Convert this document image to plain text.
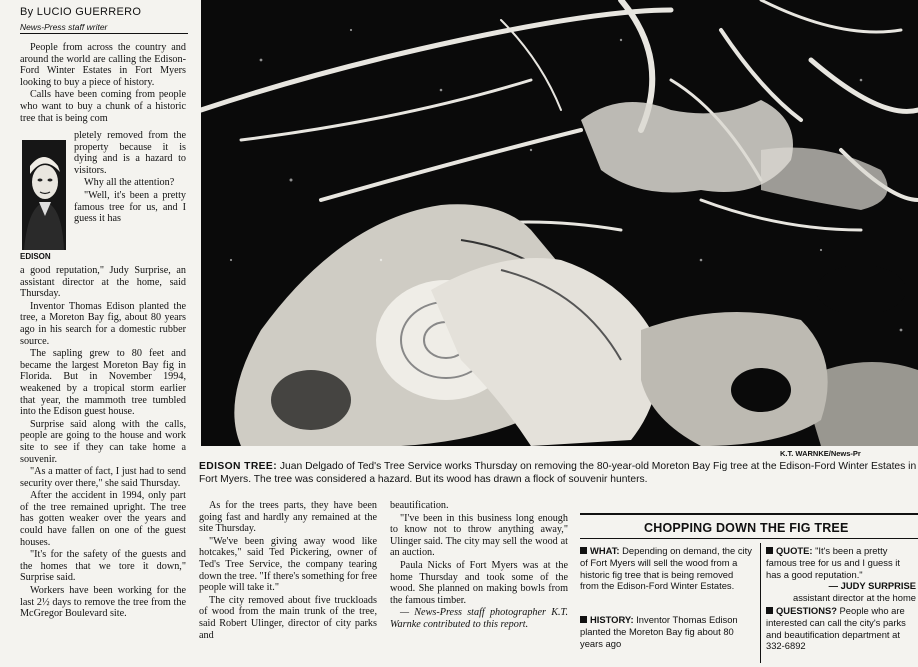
By LUCIO GUERRERO
News-Press staff writer

People from across the country and around the world are calling the Edison-Ford Winter Estates in Fort Myers looking to buy a piece of history.

Calls have been coming from people who want to buy a chunk of a historic tree that is being com

EDISON

pletely removed from the property because it is dying and is a hazard to visitors.

Why all the attention?

"Well, it's been a pretty famous tree for us, and I guess it has

a good reputation," Judy Surprise, an assistant director at the home, said Thursday.

Inventor Thomas Edison planted the tree, a Moreton Bay fig, about 80 years ago in his search for a domestic rubber source.

The sapling grew to 80 feet and became the largest Moreton Bay fig in Florida. But in November 1994, weakened by a tropical storm earlier that year, the mammoth tree tumbled into the Edison guest house.

Surprise said along with the calls, people are going to the house and work site to see if they can take home a souvenir.

"As a matter of fact, I just had to send security over there," she said Thursday.

After the accident in 1994, only part of the tree remained upright. The tree has gotten weaker over the years and could have fallen on one of the guest houses.

"It's for the safety of the guests and the homes that we tore it down," Surprise said.

Workers have been working for the last 2½ days to remove the tree from the McGregor Boulevard site.

K.T. WARNKE/News-Pr
EDISON TREE: Juan Delgado of Ted's Tree Service works Thursday on removing the 80-year-old Moreton Bay Fig tree at the Edison-Ford Winter Estates in Fort Myers. The tree was considered a hazard. But its wood has drawn a flock of souvenir hunters.

As for the trees parts, they have been going fast and hardly any remained at the site Thursday.

"We've been giving away wood like hotcakes," said Ted Pickering, owner of Ted's Tree Service, the company tearing down the tree. "If there's something for free people will take it."

The city removed about five truckloads of wood from the main trunk of the tree, said Robert Ulinger, director of city parks and

beautification.

"I've been in this business long enough to know not to throw anything away," Ulinger said. The city may sell the wood at an auction.

Paula Nicks of Fort Myers was at the home Thursday and took some of the wood. She planned on making bowls from the famous timber.

— News-Press staff photographer K.T. Warnke contributed to this report.

CHOPPING DOWN THE FIG TREE
WHAT: Depending on demand, the city of Fort Myers will sell the wood from a historic fig tree that is being removed from the Edison-Ford Winter Estates.
HISTORY: Inventor Thomas Edison planted the Moreton Bay fig about 80 years ago
QUOTE: "It's been a pretty famous tree for us and I guess it has a good reputation."
— JUDY SURPRISE
assistant director at the home
QUESTIONS? People who are interested can call the city's parks and beautification department at 332-6892
